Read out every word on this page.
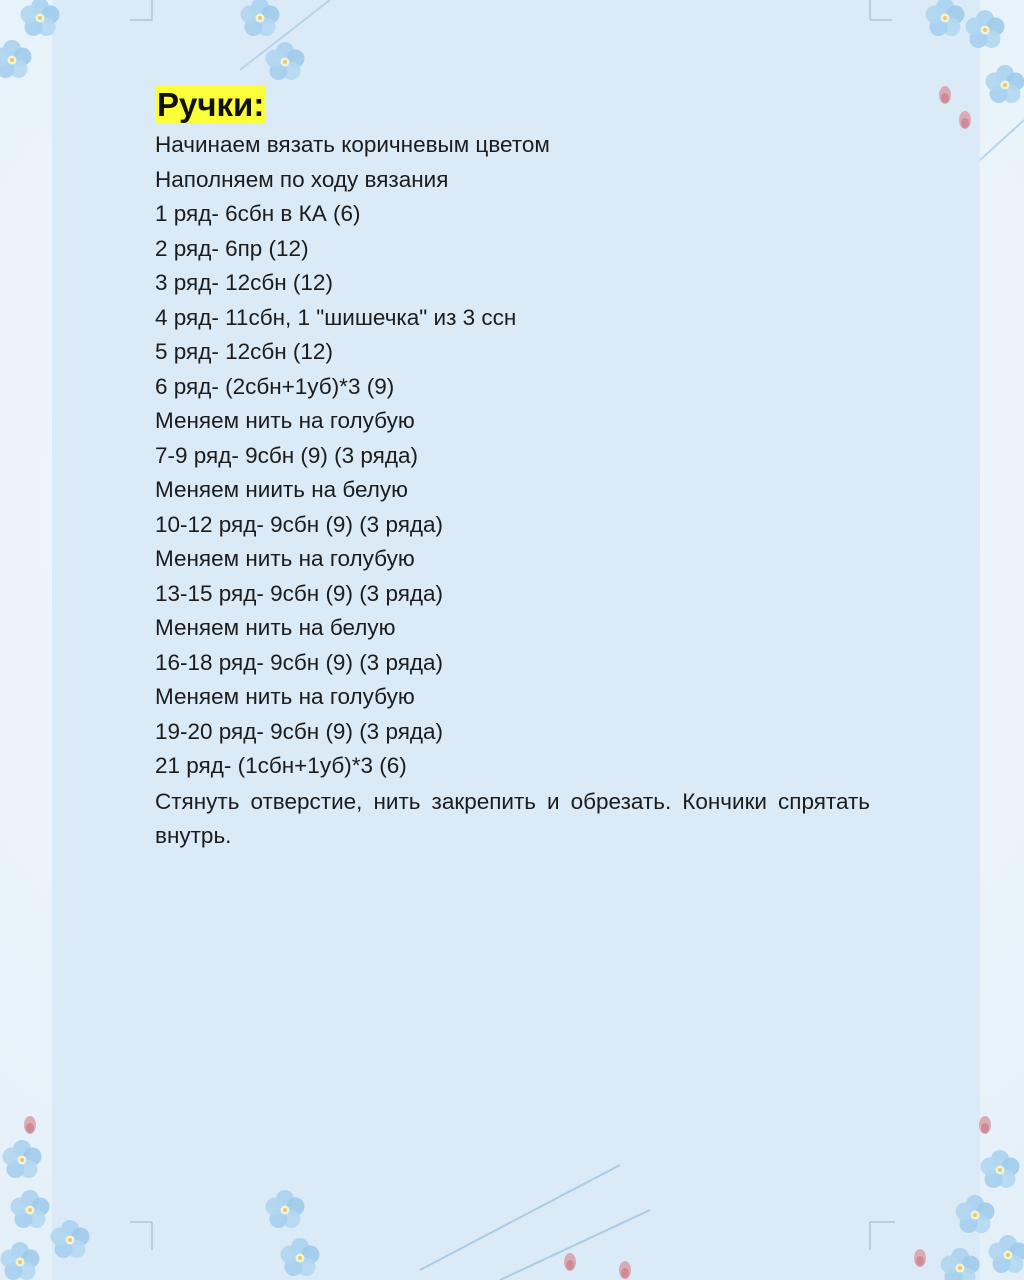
Ручки:
Начинаем вязать коричневым цветом
Наполняем по ходу вязания
1 ряд- 6сбн в КА (6)
2 ряд- 6пр (12)
3 ряд- 12сбн (12)
4 ряд- 11сбн, 1 "шишечка" из 3 ссн
5 ряд- 12сбн (12)
6 ряд- (2сбн+1уб)*3 (9)
Меняем нить на голубую
7-9 ряд- 9сбн (9) (3 ряда)
Меняем ниить на белую
10-12 ряд- 9сбн (9) (3 ряда)
Меняем нить на голубую
13-15 ряд- 9сбн (9) (3 ряда)
Меняем нить на белую
16-18 ряд- 9сбн (9) (3 ряда)
Меняем нить на голубую
19-20 ряд- 9сбн (9) (3 ряда)
21 ряд- (1сбн+1уб)*3 (6)
Стянуть отверстие, нить закрепить и обрезать. Кончики спрятать внутрь.
